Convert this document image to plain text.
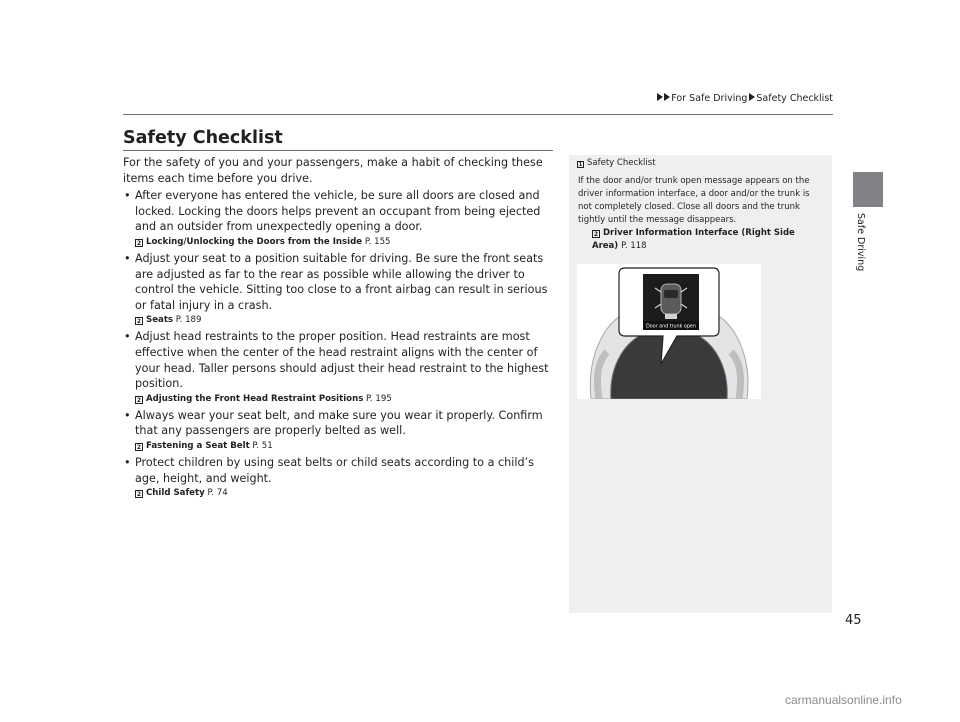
For Safe Driving Safety Checklist
Safe Driving
Safety Checklist

For the safety of you and your passengers, make a habit of checking these items each time before you drive.

• After everyone has entered the vehicle, be sure all doors are closed and locked. Locking the doors helps prevent an occupant from being ejected and an outsider from unexpectedly opening a door.
2 Locking/Unlocking the Doors from the Inside P. 155
• Adjust your seat to a position suitable for driving. Be sure the front seats are adjusted as far to the rear as possible while allowing the driver to control the vehicle. Sitting too close to a front airbag can result in serious or fatal injury in a crash.
2 Seats P. 189
• Adjust head restraints to the proper position. Head restraints are most effective when the center of the head restraint aligns with the center of your head. Taller persons should adjust their head restraint to the highest position.
2 Adjusting the Front Head Restraint Positions P. 195
• Always wear your seat belt, and make sure you wear it properly. Confirm that any passengers are properly belted as well.
2 Fastening a Seat Belt P. 51
• Protect children by using seat belts or child seats according to a child’s age, height, and weight.
2 Child Safety P. 74
1 Safety Checklist

If the door and/or trunk open message appears on the driver information interface, a door and/or the trunk is not completely closed. Close all doors and the trunk tightly until the message disappears.

2 Driver Information Interface (Right Side Area) P. 118
Door and trunk open
45
carmanualsonline.info
